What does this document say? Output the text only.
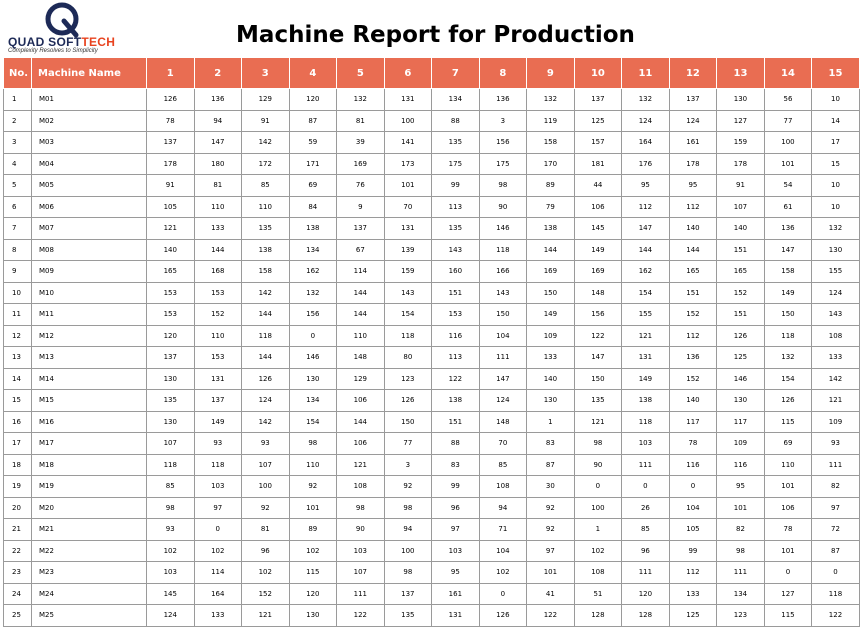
QUAD SOFTTECH
Complexity Resolves to Simplicity
Machine Report for Production
No.	Machine Name	1	2	3	4	5	6	7	8	9	10	11	12	13	14	15
1	M01	126	136	129	120	132	131	134	136	132	137	132	137	130	56	10
2	M02	78	94	91	87	81	100	88	3	119	125	124	124	127	77	14
3	M03	137	147	142	59	39	141	135	156	158	157	164	161	159	100	17
4	M04	178	180	172	171	169	173	175	175	170	181	176	178	178	101	15
5	M05	91	81	85	69	76	101	99	98	89	44	95	95	91	54	10
6	M06	105	110	110	84	9	70	113	90	79	106	112	112	107	61	10
7	M07	121	133	135	138	137	131	135	146	138	145	147	140	140	136	132
8	M08	140	144	138	134	67	139	143	118	144	149	144	144	151	147	130
9	M09	165	168	158	162	114	159	160	166	169	169	162	165	165	158	155
10	M10	153	153	142	132	144	143	151	143	150	148	154	151	152	149	124
11	M11	153	152	144	156	144	154	153	150	149	156	155	152	151	150	143
12	M12	120	110	118	0	110	118	116	104	109	122	121	112	126	118	108
13	M13	137	153	144	146	148	80	113	111	133	147	131	136	125	132	133
14	M14	130	131	126	130	129	123	122	147	140	150	149	152	146	154	142
15	M15	135	137	124	134	106	126	138	124	130	135	138	140	130	126	121
16	M16	130	149	142	154	144	150	151	148	1	121	118	117	117	115	109
17	M17	107	93	93	98	106	77	88	70	83	98	103	78	109	69	93
18	M18	118	118	107	110	121	3	83	85	87	90	111	116	116	110	111
19	M19	85	103	100	92	108	92	99	108	30	0	0	0	95	101	82
20	M20	98	97	92	101	98	98	96	94	92	100	26	104	101	106	97
21	M21	93	0	81	89	90	94	97	71	92	1	85	105	82	78	72
22	M22	102	102	96	102	103	100	103	104	97	102	96	99	98	101	87
23	M23	103	114	102	115	107	98	95	102	101	108	111	112	111	0	0
24	M24	145	164	152	120	111	137	161	0	41	51	120	133	134	127	118
25	M25	124	133	121	130	122	135	131	126	122	128	128	125	123	115	122
